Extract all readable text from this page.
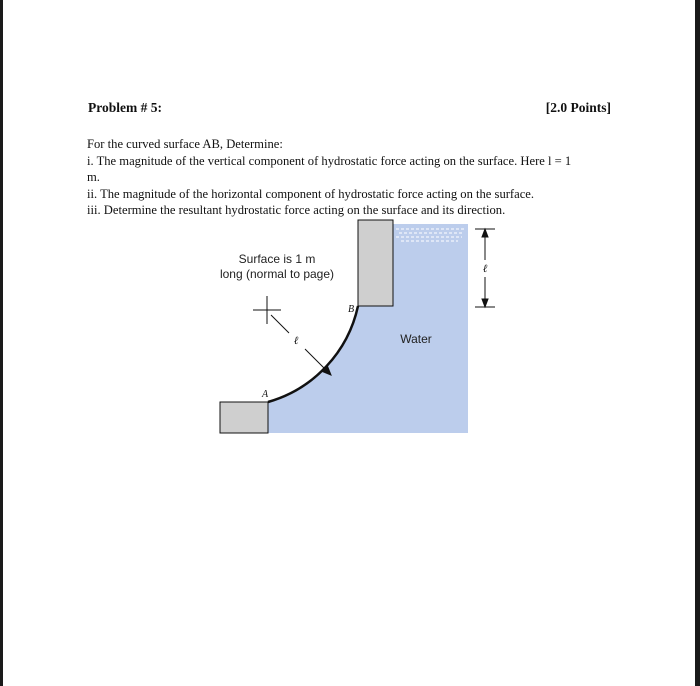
Problem # 5:	[2.0 Points]

For the curved surface AB, Determine:

i. The magnitude of the vertical component of hydrostatic force acting on the surface. Here l = 1

m.

ii. The magnitude of the horizontal component of hydrostatic force acting on the surface.

iii. Determine the resultant hydrostatic force acting on the surface and its direction.

Surface is 1 m
long (normal to page)
A
B
ℓ
ℓ
Water
